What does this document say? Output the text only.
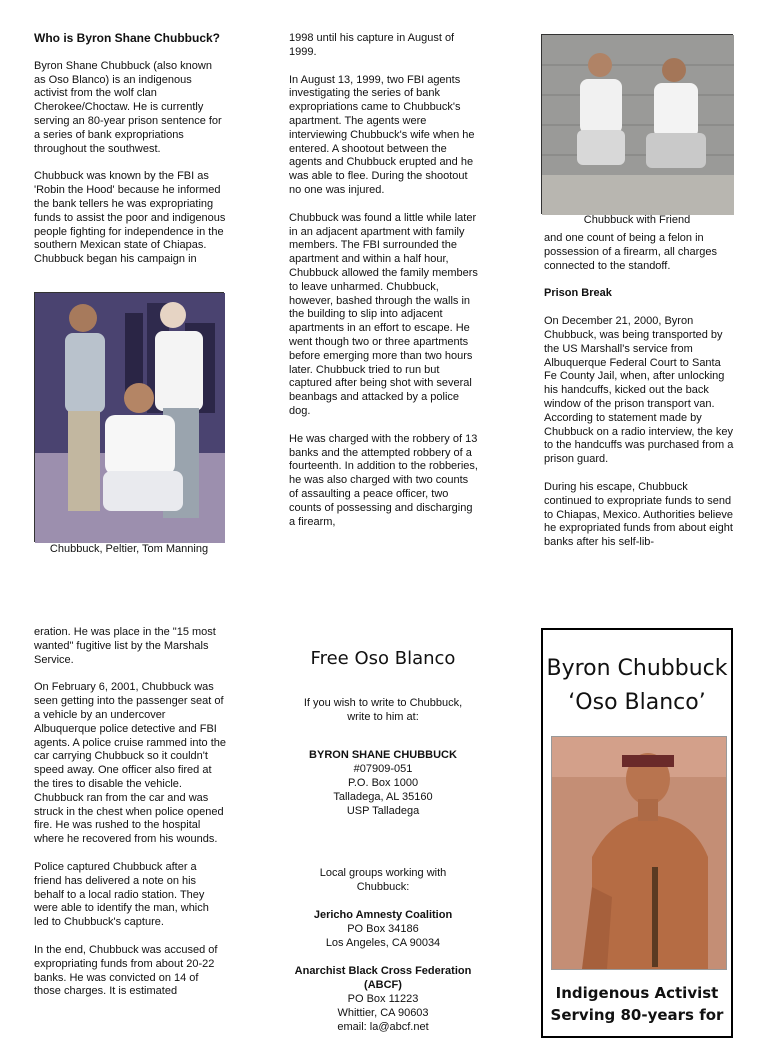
Who is Byron Shane Chubbuck?

Byron Shane Chubbuck (also known as Oso Blanco) is an indigenous activist from the wolf clan Cherokee/Choctaw. He is currently serving an 80-year prison sentence for a series of bank expropriations throughout the southwest.

Chubbuck was known by the FBI as 'Robin the Hood' because he informed the bank tellers he was expropriating funds to assist the poor and indigenous people fighting for independence in the southern Mexican state of Chiapas. Chubbuck began his campaign in

Chubbuck, Peltier, Tom Manning

1998 until his capture in August of 1999.

In August 13, 1999, two FBI agents investigating the series of bank expropriations came to Chubbuck's apartment. The agents were interviewing Chubbuck's wife when he entered. A shootout between the agents and Chubbuck erupted and he was able to flee. During the shootout no one was injured.

Chubbuck was found a little while later in an adjacent apartment with family members. The FBI surrounded the apartment and within a half hour, Chubbuck allowed the family members to leave unharmed. Chubbuck, however, bashed through the walls in the building to slip into adjacent apartments in an effort to escape. He went though two or three apartments before emerging more than two hours later. Chubbuck tried to run but captured after being shot with several beanbags and attacked by a police dog.

He was charged with the robbery of 13 banks and the attempted robbery of a fourteenth. In addition to the robberies, he was also charged with two counts of assaulting a peace officer, two counts of possessing and discharging a firearm,

Chubbuck with Friend

and one count of being a felon in possession of a firearm, all charges connected to the standoff.

Prison Break

On December 21, 2000, Byron Chubbuck, was being transported by the US Marshall's service from Albuquerque Federal Court to Santa Fe County Jail, when, after unlocking his handcuffs, kicked out the back window of the prison transport van. According to statement made by Chubbuck on a radio interview, the key to the handcuffs was purchased from a prison guard.

During his escape, Chubbuck continued to expropriate funds to send to Chiapas, Mexico. Authorities believe he expropriated funds from about eight banks after his self-lib-

eration. He was place in the "15 most wanted" fugitive list by the Marshals Service.

On February 6, 2001, Chubbuck was seen getting into the passenger seat of a vehicle by an undercover Albuquerque police detective and FBI agents. A police cruise rammed into the car carrying Chubbuck so it couldn't speed away. One officer also fired at the tires to disable the vehicle. Chubbuck ran from the car and was struck in the chest when police opened fire. He was rushed to the hospital where he recovered from his wounds.

Police captured Chubbuck after a friend has delivered a note on his behalf to a local radio station. They were able to identify the man, which led to Chubbuck's capture.

In the end, Chubbuck was accused of expropriating funds from about 20-22 banks. He was convicted on 14 of those charges. It is estimated

Free Oso Blanco
If you wish to write to Chubbuck,
write to him at:
BYRON SHANE CHUBBUCK
#07909-051
P.O. Box 1000
Talladega, AL 35160
USP Talladega
Local groups working with
Chubbuck:
Jericho Amnesty Coalition
PO Box 34186
Los Angeles, CA 90034
Anarchist Black Cross Federation
(ABCF)
PO Box 11223
Whittier, CA 90603
email: la@abcf.net
Byron Chubbuck
‘Oso Blanco’
Indigenous Activist
Serving 80-years for
